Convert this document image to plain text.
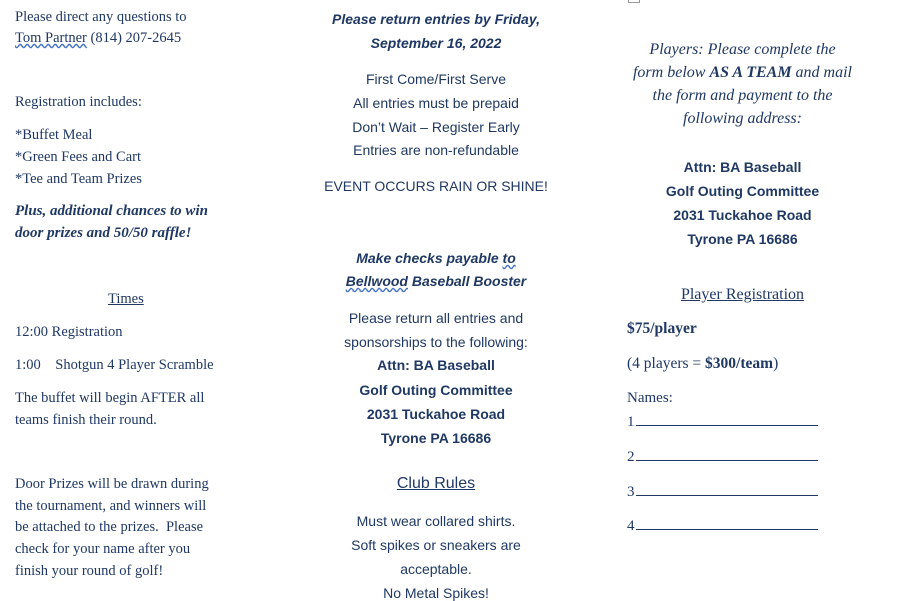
Please direct any questions to
Tom Partner (814) 207-2645
Registration includes:
*Buffet Meal
*Green Fees and Cart
*Tee and Team Prizes
Plus, additional chances to win
door prizes and 50/50 raffle!
Times
12:00 Registration
1:00    Shotgun 4 Player Scramble
The buffet will begin AFTER all
teams finish their round.
Door Prizes will be drawn during
the tournament, and winners will
be attached to the prizes.  Please
check for your name after you
finish your round of golf!
Please return entries by Friday,
September 16, 2022
First Come/First Serve
All entries must be prepaid
Don’t Wait – Register Early
Entries are non-refundable
EVENT OCCURS RAIN OR SHINE!
Make checks payable to
Bellwood Baseball Booster
Please return all entries and
sponsorships to the following:
Attn: BA Baseball
Golf Outing Committee
2031 Tuckahoe Road
Tyrone PA 16686
Club Rules
Must wear collared shirts.
Soft spikes or sneakers are
acceptable.
No Metal Spikes!
Players: Please complete the
form below AS A TEAM and mail
the form and payment to the
following address:
Attn: BA Baseball
Golf Outing Committee
2031 Tuckahoe Road
Tyrone PA 16686
Player Registration
$75/player
(4 players = $300/team)
Names:
1
2
3
4
